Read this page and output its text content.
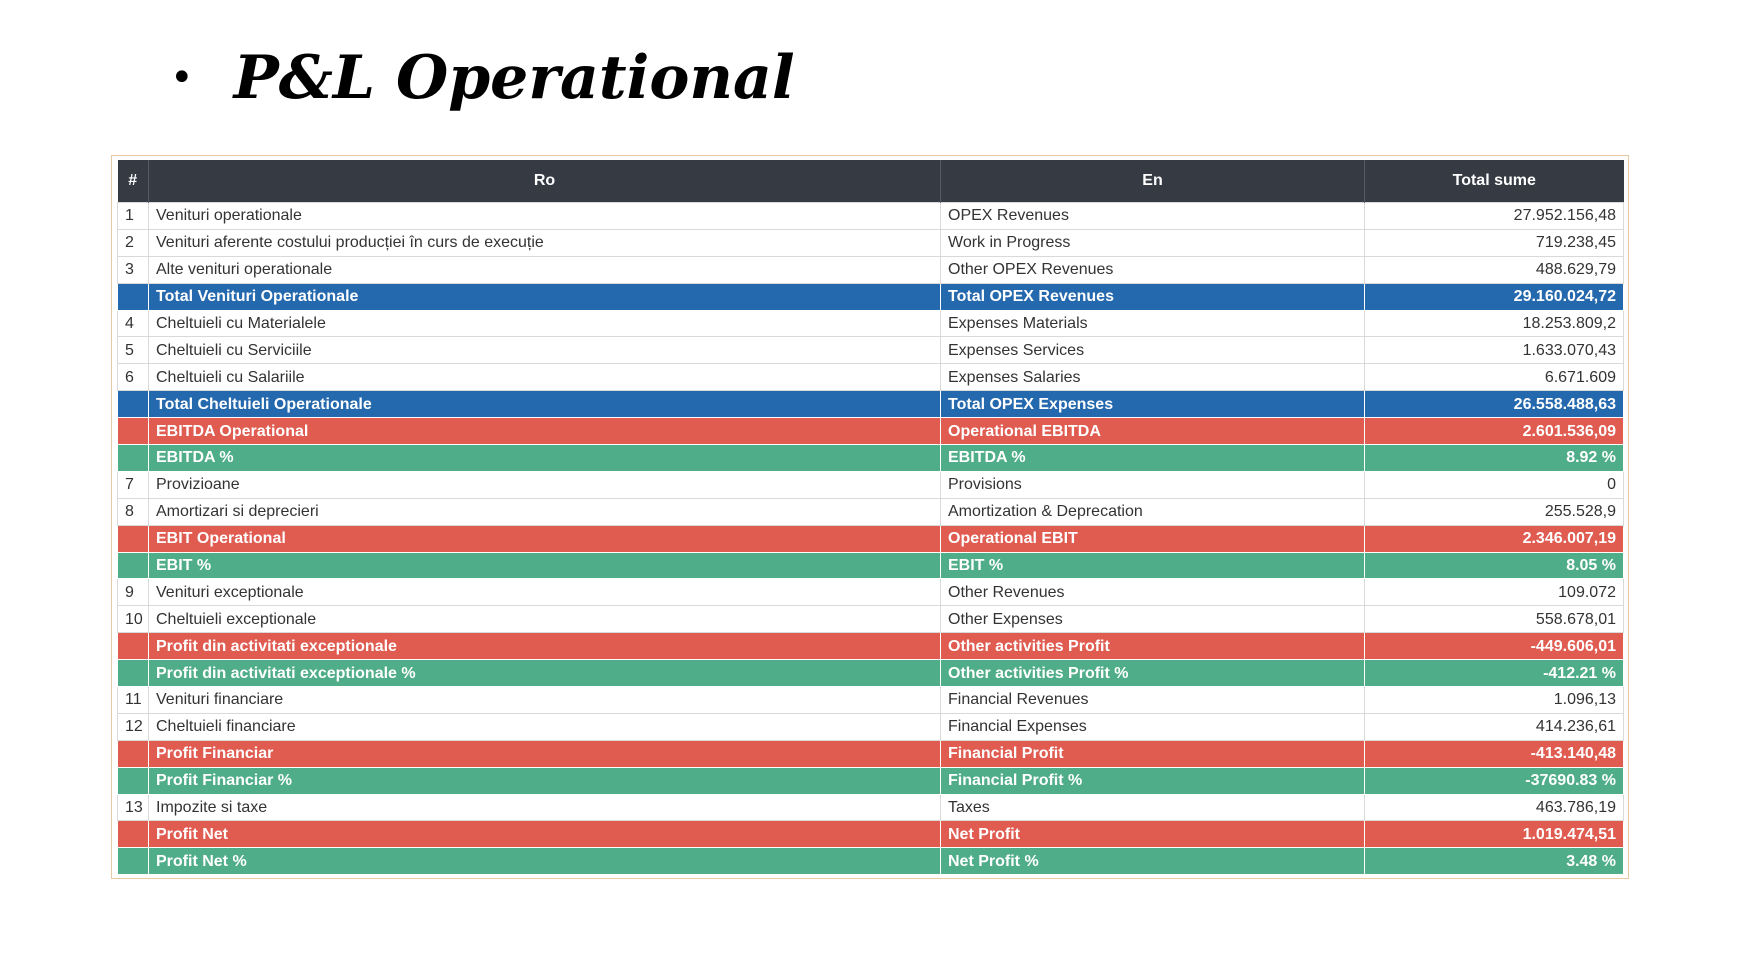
• P&L Operational
#	Ro	En	Total sume
1	Venituri operationale	OPEX Revenues	27.952.156,48
2	Venituri aferente costului producției în curs de execuție	Work in Progress	719.238,45
3	Alte venituri operationale	Other OPEX Revenues	488.629,79
	Total Venituri Operationale	Total OPEX Revenues	29.160.024,72
4	Cheltuieli cu Materialele	Expenses Materials	18.253.809,2
5	Cheltuieli cu Serviciile	Expenses Services	1.633.070,43
6	Cheltuieli cu Salariile	Expenses Salaries	6.671.609
	Total Cheltuieli Operationale	Total OPEX Expenses	26.558.488,63
	EBITDA Operational	Operational EBITDA	2.601.536,09
	EBITDA %	EBITDA %	8.92 %
7	Provizioane	Provisions	0
8	Amortizari si deprecieri	Amortization & Deprecation	255.528,9
	EBIT Operational	Operational EBIT	2.346.007,19
	EBIT %	EBIT %	8.05 %
9	Venituri exceptionale	Other Revenues	109.072
10	Cheltuieli exceptionale	Other Expenses	558.678,01
	Profit din activitati exceptionale	Other activities Profit	-449.606,01
	Profit din activitati exceptionale %	Other activities Profit %	-412.21 %
11	Venituri financiare	Financial Revenues	1.096,13
12	Cheltuieli financiare	Financial Expenses	414.236,61
	Profit Financiar	Financial Profit	-413.140,48
	Profit Financiar %	Financial Profit %	-37690.83 %
13	Impozite si taxe	Taxes	463.786,19
	Profit Net	Net Profit	1.019.474,51
	Profit Net %	Net Profit %	3.48 %
